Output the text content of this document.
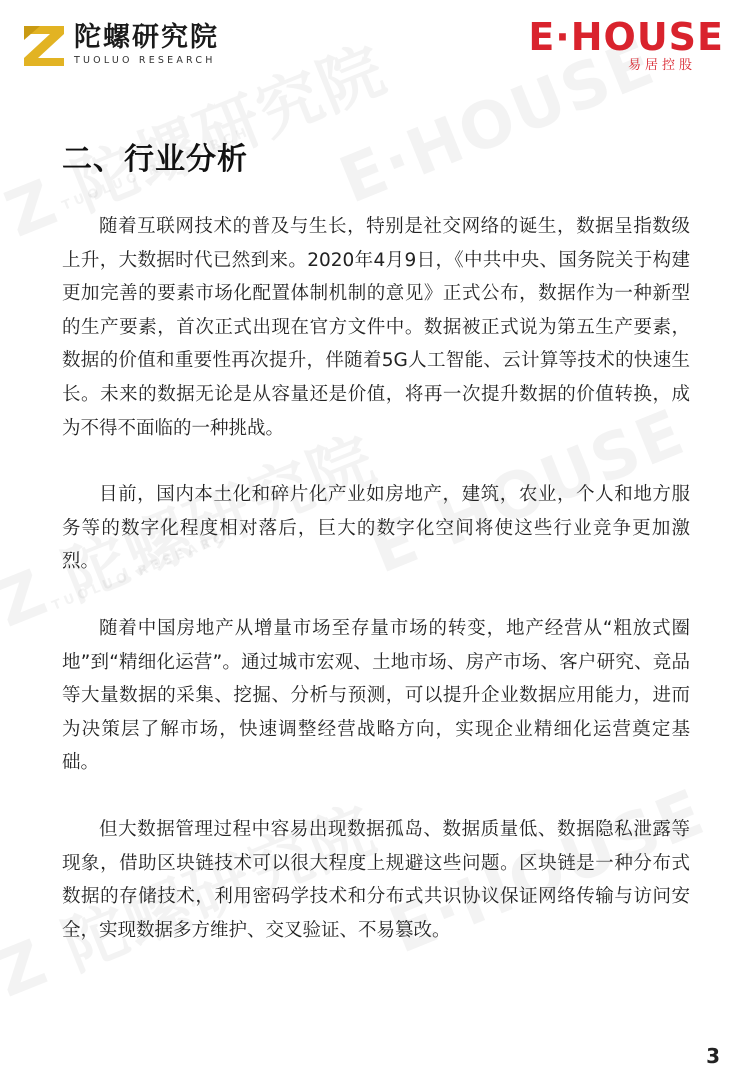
陀螺研究院
TUOLUO RESEARCH
E·HOUSE
易居控股
二、行业分析

随着互联网技术的普及与生长，特别是社交网络的诞生，数据呈指数级上升，大数据时代已然到来。2020年4月9日，《中共中央、国务院关于构建更加完善的要素市场化配置体制机制的意见》正式公布，数据作为一种新型的生产要素，首次正式出现在官方文件中。数据被正式说为第五生产要素，数据的价值和重要性再次提升，伴随着5G人工智能、云计算等技术的快速生长。未来的数据无论是从容量还是价值，将再一次提升数据的价值转换，成为不得不面临的一种挑战。

目前，国内本土化和碎片化产业如房地产，建筑，农业，个人和地方服务等的数字化程度相对落后，巨大的数字化空间将使这些行业竞争更加激烈。

随着中国房地产从增量市场至存量市场的转变，地产经营从“粗放式圈地”到“精细化运营”。通过城市宏观、土地市场、房产市场、客户研究、竞品等大量数据的采集、挖掘、分析与预测，可以提升企业数据应用能力，进而为决策层了解市场，快速调整经营战略方向，实现企业精细化运营奠定基础。

但大数据管理过程中容易出现数据孤岛、数据质量低、数据隐私泄露等现象，借助区块链技术可以很大程度上规避这些问题。区块链是一种分布式数据的存储技术，利用密码学技术和分布式共识协议保证网络传输与访问安全，实现数据多方维护、交叉验证、不易篡改。

3
